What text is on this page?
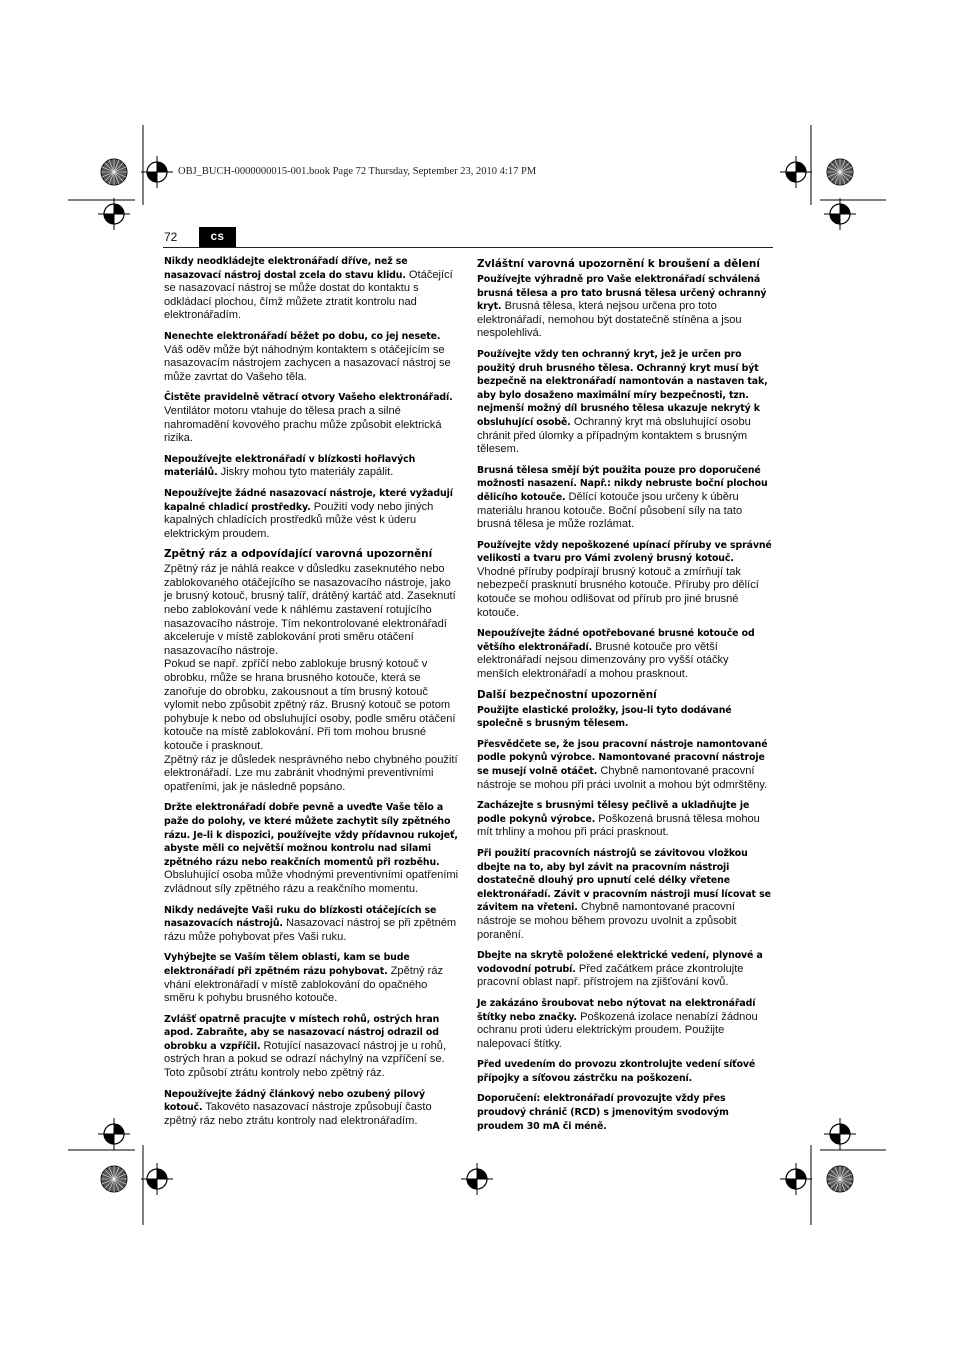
OBJ_BUCH-0000000015-001.book Page 72 Thursday, September 23, 2010 4:17 PM
72	cs
Nikdy neodkládejte elektronářadí dříve, než se nasazovací nástroj dostal zcela do stavu klidu. Otáčející se nasazovací nástroj se může dostat do kontaktu s odkládací plochou, čímž můžete ztratit kontrolu nad elektronářadím.
Nenechte elektronářadí běžet po dobu, co jej nesete. Váš oděv může být náhodným kontaktem s otáčejícím se nasazovacím nástrojem zachycen a nasazovací nástroj se může zavrtat do Vašeho těla.
Čistěte pravidelně větrací otvory Vašeho elektronářadí. Ventilátor motoru vtahuje do tělesa prach a silné nahromadění kovového prachu může způsobit elektrická rizika.
Nepoužívejte elektronářadí v blízkosti hořlavých materiálů. Jiskry mohou tyto materiály zapálit.
Nepoužívejte žádné nasazovací nástroje, které vyžadují kapalné chladicí prostředky. Použití vody nebo jiných kapalných chladících prostředků může vést k úderu elektrickým proudem.
Zpětný ráz a odpovídající varovná upozornění
Zpětný ráz je náhlá reakce v důsledku zaseknutého nebo zablokovaného otáčejícího se nasazovacího nástroje, jako je brusný kotouč, brusný talíř, drátěný kartáč atd. Zaseknutí nebo zablokování vede k náhlému zastavení rotujícího nasazovacího nástroje. Tím nekontrolované elektronářadí akceleruje v místě zablokování proti směru otáčení nasazovacího nástroje.
Pokud se např. zpříčí nebo zablokuje brusný kotouč v obrobku, může se hrana brusného kotouče, která se zanořuje do obrobku, zakousnout a tím brusný kotouč vylomit nebo způsobit zpětný ráz. Brusný kotouč se potom pohybuje k nebo od obsluhující osoby, podle směru otáčení kotouče na místě zablokování. Při tom mohou brusné kotouče i prasknout.
Zpětný ráz je důsledek nesprávného nebo chybného použití elektronářadí. Lze mu zabránit vhodnými preventivními opatřeními, jak je následně popsáno.
Držte elektronářadí dobře pevně a uveďte Vaše tělo a paže do polohy, ve které můžete zachytit síly zpětného rázu. Je-li k dispozici, používejte vždy přídavnou rukojeť, abyste měli co největší možnou kontrolu nad silami zpětného rázu nebo reakčních momentů při rozběhu. Obsluhující osoba může vhodnými preventivními opatřeními zvládnout síly zpětného rázu a reakčního momentu.
Nikdy nedávejte Vaši ruku do blízkosti otáčejících se nasazovacích nástrojů. Nasazovací nástroj se při zpětném rázu může pohybovat přes Vaši ruku.
Vyhýbejte se Vaším tělem oblasti, kam se bude elektronářadí při zpětném rázu pohybovat. Zpětný ráz vhání elektronářadí v místě zablokování do opačného směru k pohybu brusného kotouče.
Zvlášť opatrně pracujte v místech rohů, ostrých hran apod. Zabraňte, aby se nasazovací nástroj odrazil od obrobku a vzpříčil. Rotující nasazovací nástroj je u rohů, ostrých hran a pokud se odrazí náchylný na vzpříčení se. Toto způsobí ztrátu kontroly nebo zpětný ráz.
Nepoužívejte žádný článkový nebo ozubený pilový kotouč. Takovéto nasazovací nástroje způsobují často zpětný ráz nebo ztrátu kontroly nad elektronářadím.
Zvláštní varovná upozornění k broušení a dělení
Používejte výhradně pro Vaše elektronářadí schválená brusná tělesa a pro tato brusná tělesa určený ochranný kryt. Brusná tělesa, která nejsou určena pro toto elektronářadí, nemohou být dostatečně stíněna a jsou nespolehlivá.
Používejte vždy ten ochranný kryt, jež je určen pro použitý druh brusného tělesa. Ochranný kryt musí být bezpečně na elektronářadí namontován a nastaven tak, aby bylo dosaženo maximální míry bezpečnosti, tzn. nejmenší možný díl brusného tělesa ukazuje nekrytý k obsluhující osobě. Ochranný kryt má obsluhující osobu chránit před úlomky a případným kontaktem s brusným tělesem.
Brusná tělesa smějí být použita pouze pro doporučené možnosti nasazení. Např.: nikdy nebruste boční plochou dělicího kotouče. Dělící kotouče jsou určeny k úběru materiálu hranou kotouče. Boční působení síly na tato brusná tělesa je může rozlámat.
Používejte vždy nepoškozené upínací příruby ve správné velikosti a tvaru pro Vámi zvolený brusný kotouč. Vhodné příruby podpírají brusný kotouč a zmírňují tak nebezpečí prasknutí brusného kotouče. Příruby pro dělící kotouče se mohou odlišovat od přírub pro jiné brusné kotouče.
Nepoužívejte žádné opotřebované brusné kotouče od většího elektronářadí. Brusné kotouče pro větší elektronářadí nejsou dimenzovány pro vyšší otáčky menších elektronářadí a mohou prasknout.
Další bezpečnostní upozornění
Použijte elastické proložky, jsou-li tyto dodávané společně s brusným tělesem.
Přesvědčete se, že jsou pracovní nástroje namontované podle pokynů výrobce. Namontované pracovní nástroje se musejí volně otáčet. Chybně namontované pracovní nástroje se mohou při práci uvolnit a mohou být odmrštěny.
Zacházejte s brusnými tělesy pečlivě a ukladňujte je podle pokynů výrobce. Poškozená brusná tělesa mohou mít trhliny a mohou při práci prasknout.
Při použití pracovních nástrojů se závitovou vložkou dbejte na to, aby byl závit na pracovním nástroji dostatečně dlouhý pro upnutí celé délky vřetene elektronářadí. Závit v pracovním nástroji musí lícovat se závitem na vřeteni. Chybně namontované pracovní nástroje se mohou během provozu uvolnit a způsobit poranění.
Dbejte na skrytě položené elektrické vedení, plynové a vodovodní potrubí. Před začátkem práce zkontrolujte pracovní oblast např. přístrojem na zjišťování kovů.
Je zakázáno šroubovat nebo nýtovat na elektronářadí štítky nebo značky. Poškozená izolace nenabízí žádnou ochranu proti úderu elektrickým proudem. Použijte nalepovací štítky.
Před uvedením do provozu zkontrolujte vedení síťové přípojky a síťovou zástrčku na poškození.
Doporučení: elektronářadí provozujte vždy přes proudový chránič (RCD) s jmenovitým svodovým proudem 30 mA či méně.
